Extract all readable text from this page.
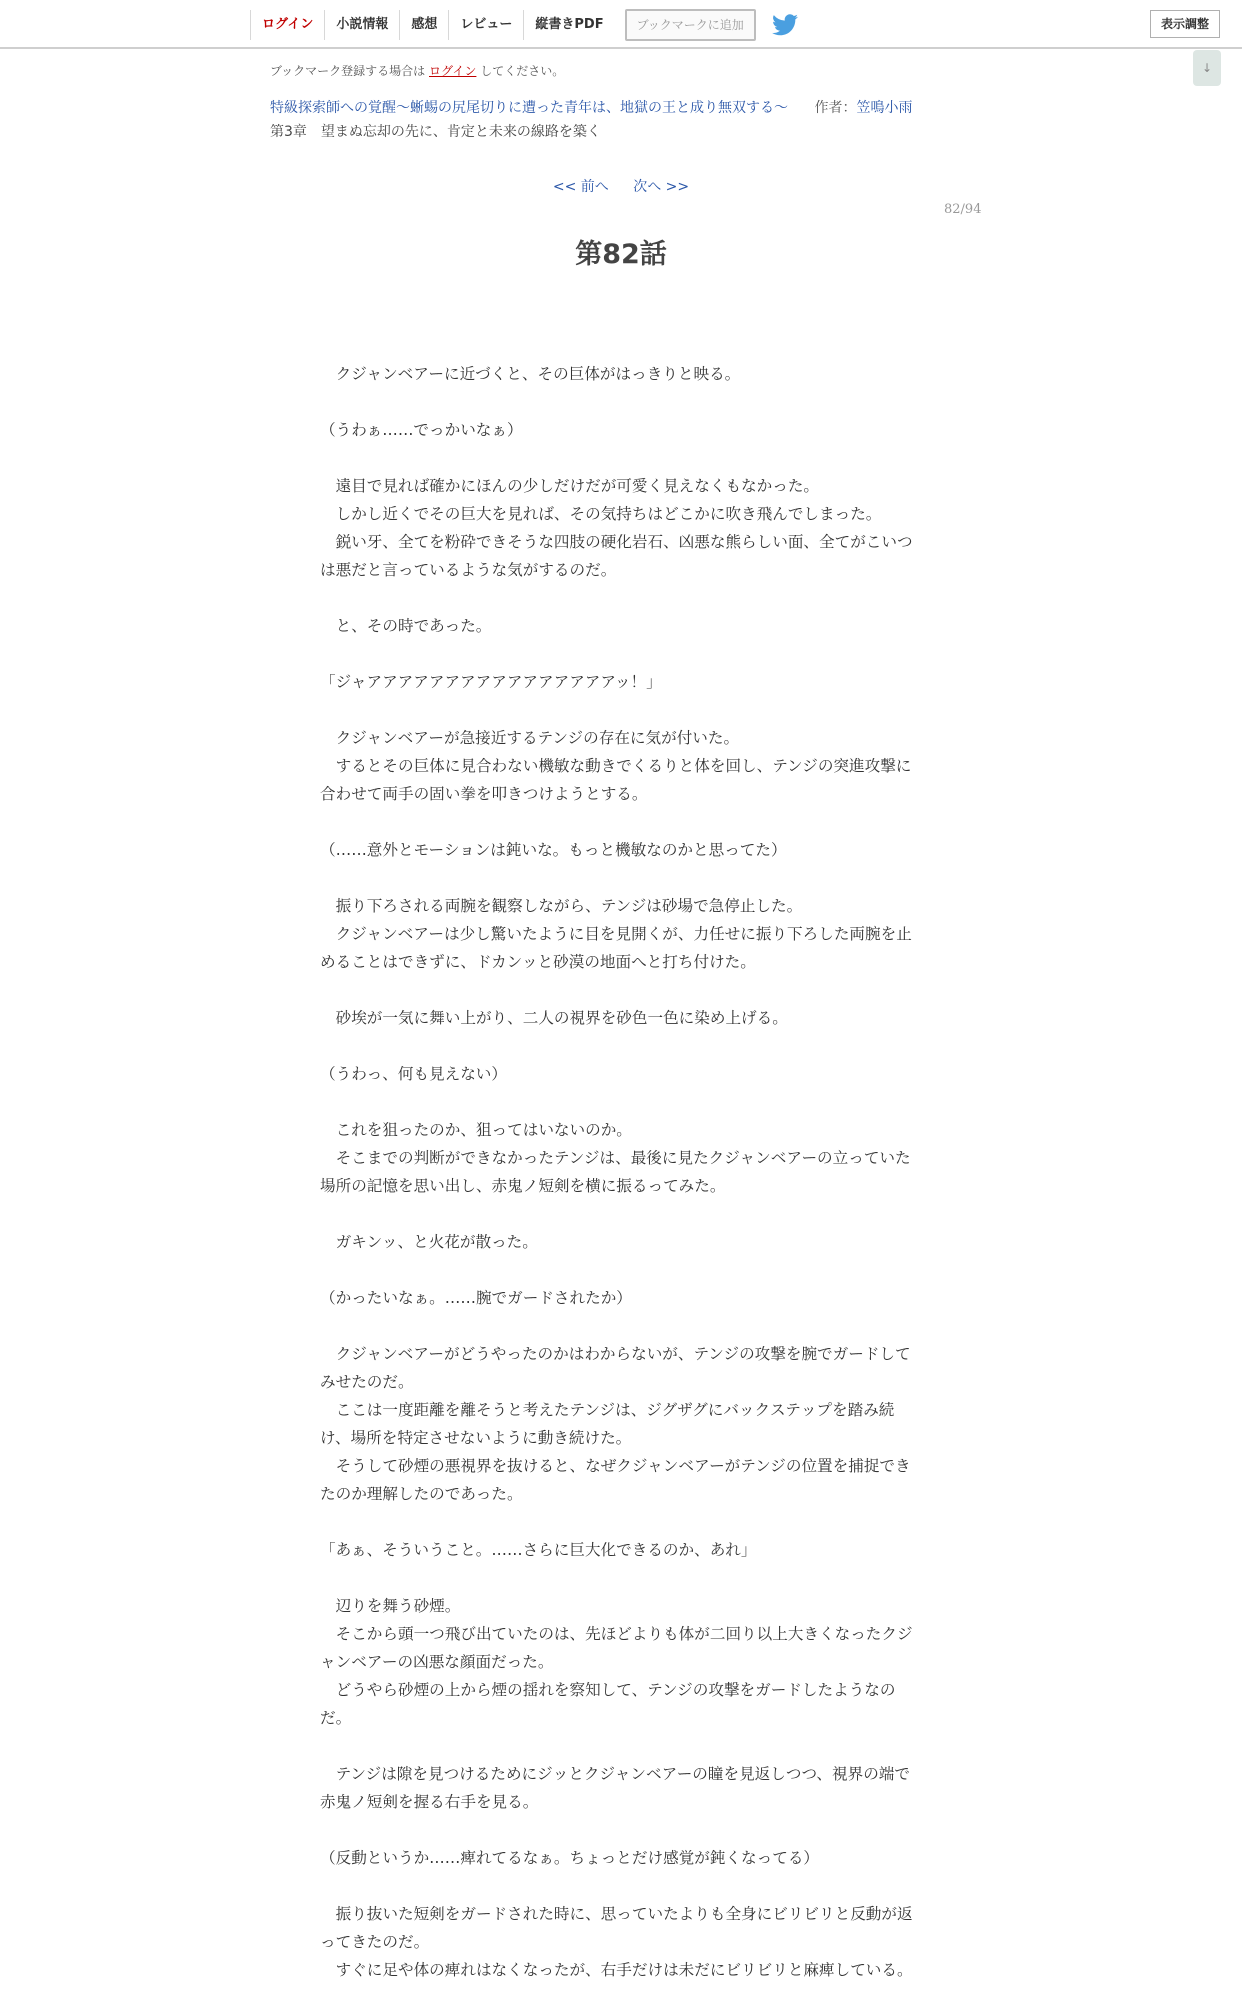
ログイン	小説情報	感想	レビュー	縦書きPDF	ブックマークに追加	表示調整
ブックマーク登録する場合は ログイン してください。	↓
特級探索師への覚醒～蜥蜴の尻尾切りに遭った青年は、地獄の王と成り無双する～ 作者：笠鳴小雨
第3章　望まぬ忘却の先に、肯定と未来の線路を築く
<< 前へ 次へ >>
82/94
第82話

　クジャンベアーに近づくと、その巨体がはっきりと映る。

（うわぁ……でっかいなぁ）

　遠目で見れば確かにほんの少しだけだが可愛く見えなくもなかった。

　しかし近くでその巨大を見れば、その気持ちはどこかに吹き飛んでしまった。

　鋭い牙、全てを粉砕できそうな四肢の硬化岩石、凶悪な熊らしい面、全てがこいつは悪だと言っているような気がするのだ。

　と、その時であった。

「ジャアアアアアアアアアアアアアアアアッ！」

　クジャンベアーが急接近するテンジの存在に気が付いた。

　するとその巨体に見合わない機敏な動きでくるりと体を回し、テンジの突進攻撃に合わせて両手の固い拳を叩きつけようとする。

（……意外とモーションは鈍いな。もっと機敏なのかと思ってた）

　振り下ろされる両腕を観察しながら、テンジは砂場で急停止した。

　クジャンベアーは少し驚いたように目を見開くが、力任せに振り下ろした両腕を止めることはできずに、ドカンッと砂漠の地面へと打ち付けた。

　砂埃が一気に舞い上がり、二人の視界を砂色一色に染め上げる。

（うわっ、何も見えない）

　これを狙ったのか、狙ってはいないのか。

　そこまでの判断ができなかったテンジは、最後に見たクジャンベアーの立っていた場所の記憶を思い出し、赤鬼ノ短剣を横に振るってみた。

　ガキンッ、と火花が散った。

（かったいなぁ。……腕でガードされたか）

　クジャンベアーがどうやったのかはわからないが、テンジの攻撃を腕でガードしてみせたのだ。

　ここは一度距離を離そうと考えたテンジは、ジグザグにバックステップを踏み続け、場所を特定させないように動き続けた。

　そうして砂煙の悪視界を抜けると、なぜクジャンベアーがテンジの位置を捕捉できたのか理解したのであった。

「あぁ、そういうこと。……さらに巨大化できるのか、あれ」

　辺りを舞う砂煙。

　そこから頭一つ飛び出ていたのは、先ほどよりも体が二回り以上大きくなったクジャンベアーの凶悪な顔面だった。

　どうやら砂煙の上から煙の揺れを察知して、テンジの攻撃をガードしたようなのだ。

　テンジは隙を見つけるためにジッとクジャンベアーの瞳を見返しつつ、視界の端で赤鬼ノ短剣を握る右手を見る。

（反動というか……痺れてるなぁ。ちょっとだけ感覚が鈍くなってる）

　振り抜いた短剣をガードされた時に、思っていたよりも全身にビリビリと反動が返ってきたのだ。

　すぐに足や体の痺れはなくなったが、右手だけは未だにビリビリと麻痺している。
